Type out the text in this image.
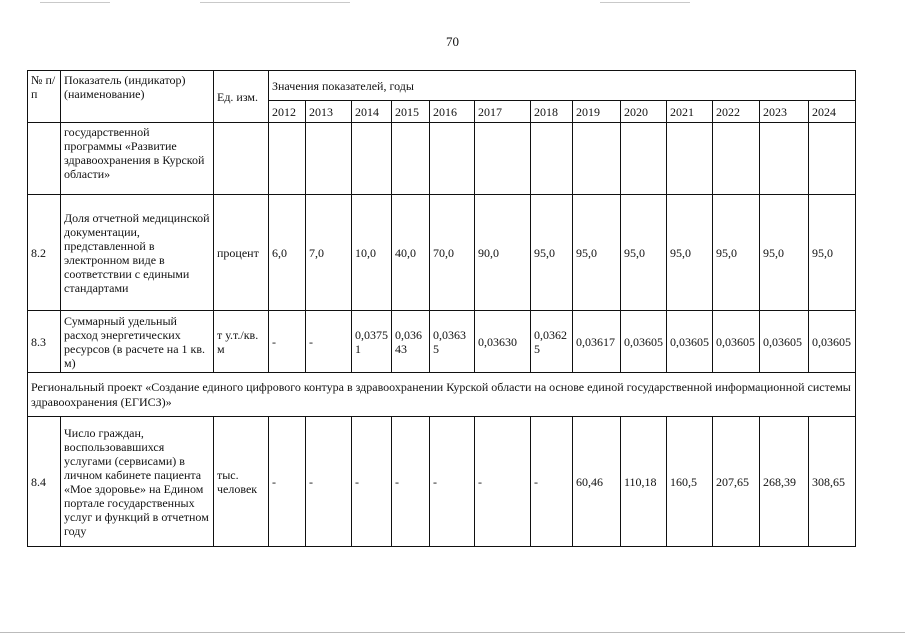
70
№ п/п	Показатель (индикатор) (наименование)	Ед. изм.	Значения показателей, годы												
			2012	2013	2014	2015	2016	2017	2018	2019	2020	2021	2022	2023	2024
	государственной программы «Развитие здравоохранения в Курской области»														
8.2	Доля отчетной медицинской документации, представленной в электронном виде в соответствии с едиными стандартами	процент	6,0	7,0	10,0	40,0	70,0	90,0	95,0	95,0	95,0	95,0	95,0	95,0	95,0
8.3	Суммарный удельный расход энергетических ресурсов (в расчете на 1 кв. м)	т у.т./кв. м	-	-	0,03751	0,03643	0,03635	0,03630	0,03625	0,03617	0,03605	0,03605	0,03605	0,03605	0,03605
Региональный проект «Создание единого цифрового контура в здравоохранении Курской области на основе единой государственной информационной системы здравоохранения (ЕГИСЗ)»															
8.4	Число граждан, воспользовавшихся услугами (сервисами) в личном кабинете пациента «Мое здоровье» на Едином портале государственных услуг и функций в отчетном году	тыс. человек	-	-	-	-	-	-	-	60,46	110,18	160,5	207,65	268,39	308,65
